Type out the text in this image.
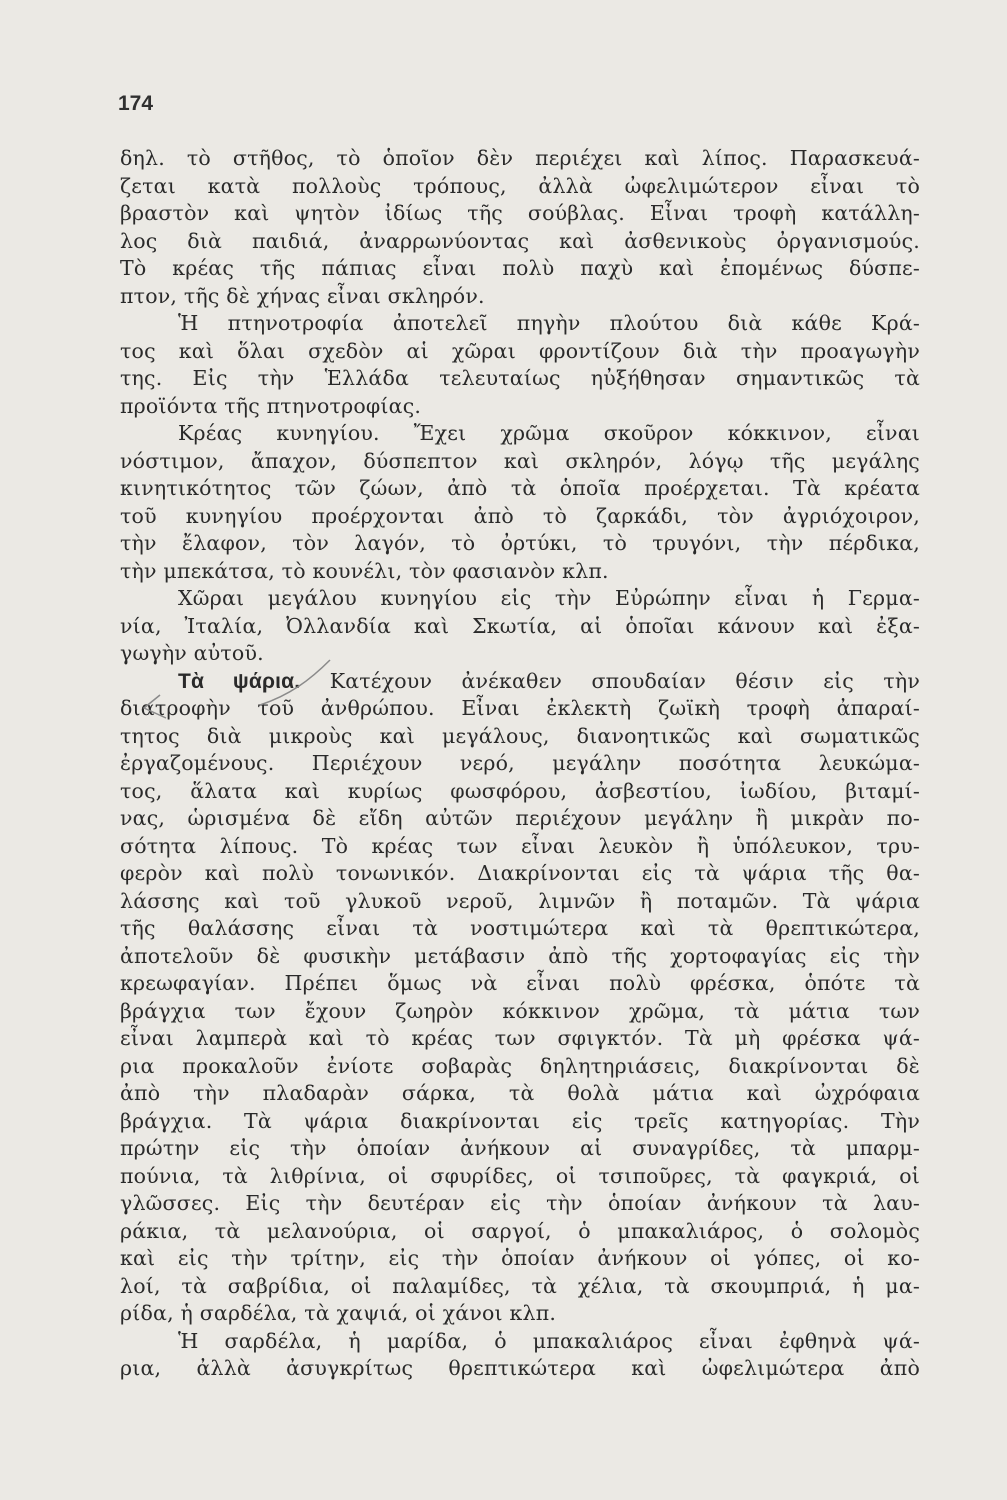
174
δηλ. τὸ στῆθος, τὸ ὁποῖον δὲν περιέχει καὶ λίπος. Παρασκευά-
ζεται κατὰ πολλοὺς τρόπους, ἀλλὰ ὠφελιμώτερον εἶναι τὸ
βραστὸν καὶ ψητὸν ἰδίως τῆς σούβλας. Εἶναι τροφὴ κατάλλη-
λος διὰ παιδιά, ἀναρρωνύοντας καὶ ἀσθενικοὺς ὀργανισμούς.
Τὸ κρέας τῆς πάπιας εἶναι πολὺ παχὺ καὶ ἐπομένως δύσπε-
πτον, τῆς δὲ χήνας εἶναι σκληρόν.
Ἡ πτηνοτροφία ἀποτελεῖ πηγὴν πλούτου διὰ κάθε Κρά-
τος καὶ ὅλαι σχεδὸν αἱ χῶραι φροντίζουν διὰ τὴν προαγωγὴν
της. Εἰς τὴν Ἑλλάδα τελευταίως ηὐξήθησαν σημαντικῶς τὰ
προϊόντα τῆς πτηνοτροφίας.
Κρέας κυνηγίου. Ἔχει χρῶμα σκοῦρον κόκκινον, εἶναι
νόστιμον, ἄπαχον, δύσπεπτον καὶ σκληρόν, λόγῳ τῆς μεγάλης
κινητικότητος τῶν ζώων, ἀπὸ τὰ ὁποῖα προέρχεται. Τὰ κρέατα
τοῦ κυνηγίου προέρχονται ἀπὸ τὸ ζαρκάδι, τὸν ἀγριόχοιρον,
τὴν ἔλαφον, τὸν λαγόν, τὸ ὀρτύκι, τὸ τρυγόνι, τὴν πέρδικα,
τὴν μπεκάτσα, τὸ κουνέλι, τὸν φασιανὸν κλπ.
Χῶραι μεγάλου κυνηγίου εἰς τὴν Εὐρώπην εἶναι ἡ Γερμα-
νία, Ἰταλία, Ὀλλανδία καὶ Σκωτία, αἱ ὁποῖαι κάνουν καὶ ἐξα-
γωγὴν αὐτοῦ.
Τὰ ψάρια. Κατέχουν ἀνέκαθεν σπουδαίαν θέσιν εἰς τὴν
διατροφὴν τοῦ ἀνθρώπου. Εἶναι ἐκλεκτὴ ζωϊκὴ τροφὴ ἀπαραί-
τητος διὰ μικροὺς καὶ μεγάλους, διανοητικῶς καὶ σωματικῶς
ἐργαζομένους. Περιέχουν νερό, μεγάλην ποσότητα λευκώμα-
τος, ἅλατα καὶ κυρίως φωσφόρου, ἀσβεστίου, ἰωδίου, βιταμί-
νας, ὡρισμένα δὲ εἴδη αὐτῶν περιέχουν μεγάλην ἢ μικρὰν πο-
σότητα λίπους. Τὸ κρέας των εἶναι λευκὸν ἢ ὑπόλευκον, τρυ-
φερὸν καὶ πολὺ τονωνικόν. Διακρίνονται εἰς τὰ ψάρια τῆς θα-
λάσσης καὶ τοῦ γλυκοῦ νεροῦ, λιμνῶν ἢ ποταμῶν. Τὰ ψάρια
τῆς θαλάσσης εἶναι τὰ νοστιμώτερα καὶ τὰ θρεπτικώτερα,
ἀποτελοῦν δὲ φυσικὴν μετάβασιν ἀπὸ τῆς χορτοφαγίας εἰς τὴν
κρεωφαγίαν. Πρέπει ὅμως νὰ εἶναι πολὺ φρέσκα, ὁπότε τὰ
βράγχια των ἔχουν ζωηρὸν κόκκινον χρῶμα, τὰ μάτια των
εἶναι λαμπερὰ καὶ τὸ κρέας των σφιγκτόν. Τὰ μὴ φρέσκα ψά-
ρια προκαλοῦν ἐνίοτε σοβαρὰς δηλητηριάσεις, διακρίνονται δὲ
ἀπὸ τὴν πλαδαρὰν σάρκα, τὰ θολὰ μάτια καὶ ὠχρόφαια
βράγχια. Τὰ ψάρια διακρίνονται εἰς τρεῖς κατηγορίας. Τὴν
πρώτην εἰς τὴν ὁποίαν ἀνήκουν αἱ συναγρίδες, τὰ μπαρμ-
πούνια, τὰ λιθρίνια, οἱ σφυρίδες, οἱ τσιποῦρες, τὰ φαγκριά, οἱ
γλῶσσες. Εἰς τὴν δευτέραν εἰς τὴν ὁποίαν ἀνήκουν τὰ λαυ-
ράκια, τὰ μελανούρια, οἱ σαργοί, ὁ μπακαλιάρος, ὁ σολομὸς
καὶ εἰς τὴν τρίτην, εἰς τὴν ὁποίαν ἀνήκουν οἱ γόπες, οἱ κο-
λοί, τὰ σαβρίδια, οἱ παλαμίδες, τὰ χέλια, τὰ σκουμπριά, ἡ μα-
ρίδα, ἡ σαρδέλα, τὰ χαψιά, οἱ χάνοι κλπ.
Ἡ σαρδέλα, ἡ μαρίδα, ὁ μπακαλιάρος εἶναι ἐφθηνὰ ψά-
ρια, ἀλλὰ ἀσυγκρίτως θρεπτικώτερα καὶ ὠφελιμώτερα ἀπὸ
